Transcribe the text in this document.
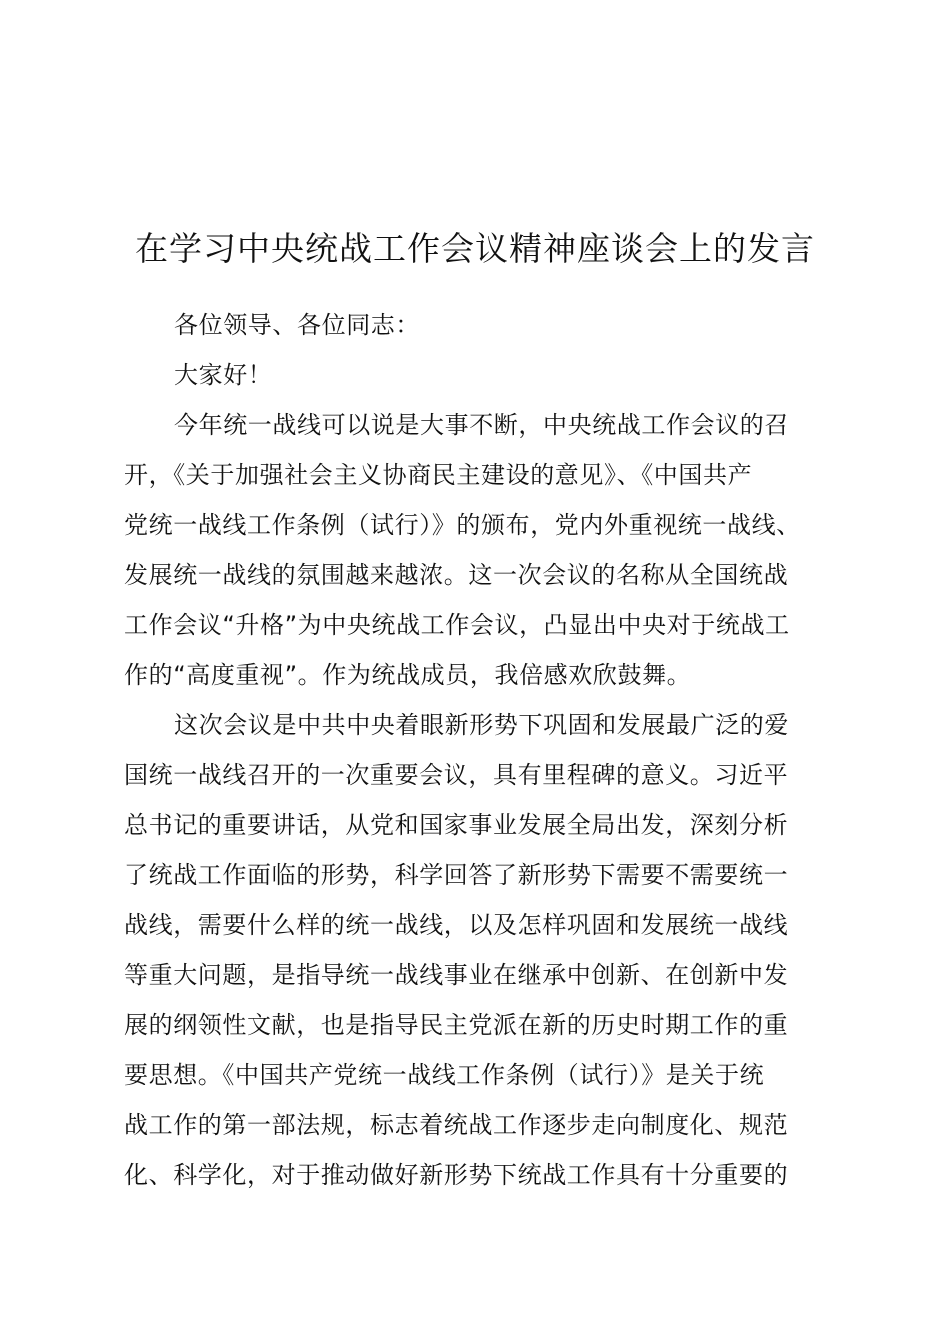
在学习中央统战工作会议精神座谈会上的发言

各位领导、各位同志：

大家好！

今年统一战线可以说是大事不断，中央统战工作会议的召

开，《关于加强社会主义协商民主建设的意见》、《中国共产

党统一战线工作条例（试行）》的颁布，党内外重视统一战线、

发展统一战线的氛围越来越浓。这一次会议的名称从全国统战

工作会议“升格”为中央统战工作会议，凸显出中央对于统战工

作的“高度重视”。作为统战成员，我倍感欢欣鼓舞。

这次会议是中共中央着眼新形势下巩固和发展最广泛的爱

国统一战线召开的一次重要会议，具有里程碑的意义。习近平

总书记的重要讲话，从党和国家事业发展全局出发，深刻分析

了统战工作面临的形势，科学回答了新形势下需要不需要统一

战线，需要什么样的统一战线，以及怎样巩固和发展统一战线

等重大问题，是指导统一战线事业在继承中创新、在创新中发

展的纲领性文献，也是指导民主党派在新的历史时期工作的重

要思想。《中国共产党统一战线工作条例（试行）》是关于统

战工作的第一部法规，标志着统战工作逐步走向制度化、规范

化、科学化，对于推动做好新形势下统战工作具有十分重要的
